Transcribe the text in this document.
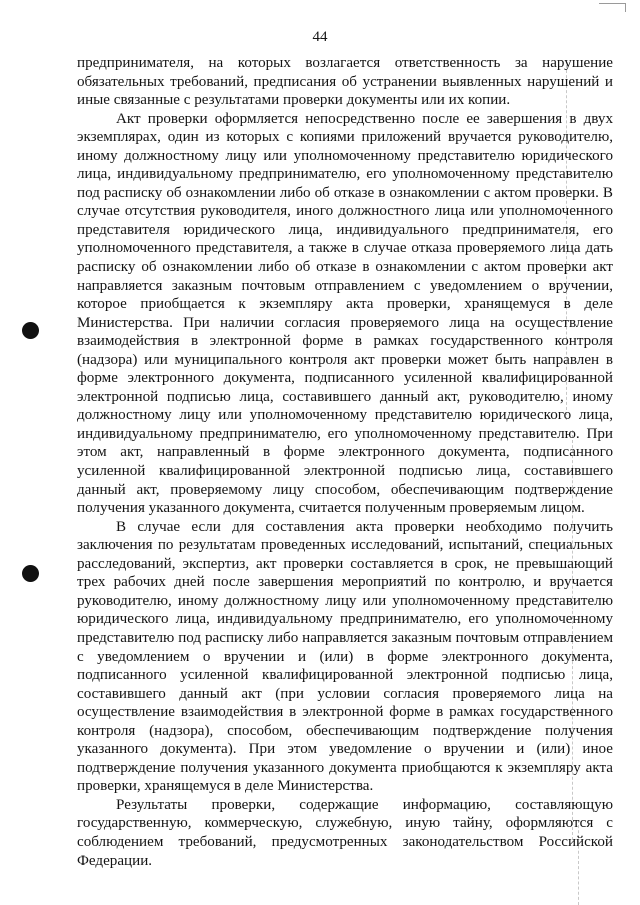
44

предпринимателя, на которых возлагается ответственность за нарушение обязательных требований, предписания об устранении выявленных нарушений и иные связанные с результатами проверки документы или их копии.

Акт проверки оформляется непосредственно после ее завершения в двух экземплярах, один из которых с копиями приложений вручается руководителю, иному должностному лицу или уполномоченному представителю юридического лица, индивидуальному предпринимателю, его уполномоченному представителю под расписку об ознакомлении либо об отказе в ознакомлении с актом проверки. В случае отсутствия руководителя, иного должностного лица или уполномоченного представителя юридического лица, индивидуального предпринимателя, его уполномоченного представителя, а также в случае отказа проверяемого лица дать расписку об ознакомлении либо об отказе в ознакомлении с актом проверки акт направляется заказным почтовым отправлением с уведомлением о вручении, которое приобщается к экземпляру акта проверки, хранящемуся в деле Министерства. При наличии согласия проверяемого лица на осуществление взаимодействия в электронной форме в рамках государственного контроля (надзора) или муниципального контроля акт проверки может быть направлен в форме электронного документа, подписанного усиленной квалифицированной электронной подписью лица, составившего данный акт, руководителю, иному должностному лицу или уполномоченному представителю юридического лица, индивидуальному предпринимателю, его уполномоченному представителю. При этом акт, направленный в форме электронного документа, подписанного усиленной квалифицированной электронной подписью лица, составившего данный акт, проверяемому лицу способом, обеспечивающим подтверждение получения указанного документа, считается полученным проверяемым лицом.

В случае если для составления акта проверки необходимо получить заключения по результатам проведенных исследований, испытаний, специальных расследований, экспертиз, акт проверки составляется в срок, не превышающий трех рабочих дней после завершения мероприятий по контролю, и вручается руководителю, иному должностному лицу или уполномоченному представителю юридического лица, индивидуальному предпринимателю, его уполномоченному представителю под расписку либо направляется заказным почтовым отправлением с уведомлением о вручении и (или) в форме электронного документа, подписанного усиленной квалифицированной электронной подписью лица, составившего данный акт (при условии согласия проверяемого лица на осуществление взаимодействия в электронной форме в рамках государственного контроля (надзора), способом, обеспечивающим подтверждение получения указанного документа). При этом уведомление о вручении и (или) иное подтверждение получения указанного документа приобщаются к экземпляру акта проверки, хранящемуся в деле Министерства.

Результаты проверки, содержащие информацию, составляющую государственную, коммерческую, служебную, иную тайну, оформляются с соблюдением требований, предусмотренных законодательством Российской Федерации.
